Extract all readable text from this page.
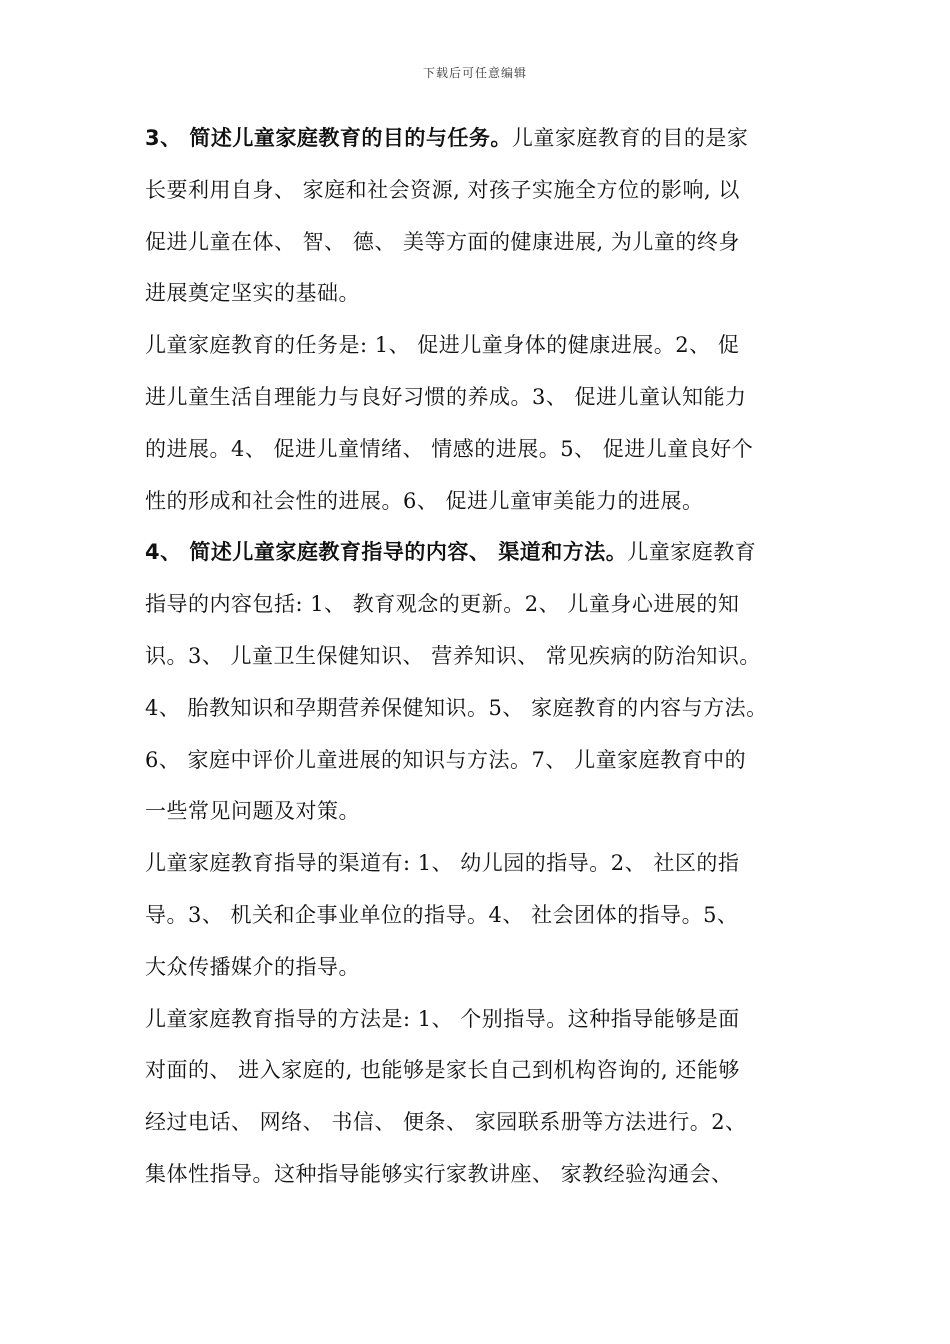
下载后可任意编辑
3、 简述儿童家庭教育的目的与任务。儿童家庭教育的目的是家
长要利用自身、 家庭和社会资源, 对孩子实施全方位的影响, 以
促进儿童在体、 智、 德、 美等方面的健康进展, 为儿童的终身
进展奠定坚实的基础。
儿童家庭教育的任务是: 1、 促进儿童身体的健康进展。2、 促
进儿童生活自理能力与良好习惯的养成。3、 促进儿童认知能力
的进展。4、 促进儿童情绪、 情感的进展。5、 促进儿童良好个
性的形成和社会性的进展。6、 促进儿童审美能力的进展。
4、 简述儿童家庭教育指导的内容、 渠道和方法。儿童家庭教育
指导的内容包括: 1、 教育观念的更新。2、 儿童身心进展的知
识。3、 儿童卫生保健知识、 营养知识、 常见疾病的防治知识。
4、 胎教知识和孕期营养保健知识。5、 家庭教育的内容与方法。
6、 家庭中评价儿童进展的知识与方法。7、 儿童家庭教育中的
一些常见问题及对策。
儿童家庭教育指导的渠道有: 1、 幼儿园的指导。2、 社区的指
导。3、 机关和企事业单位的指导。4、 社会团体的指导。5、
大众传播媒介的指导。
儿童家庭教育指导的方法是: 1、 个别指导。这种指导能够是面
对面的、 进入家庭的, 也能够是家长自己到机构咨询的, 还能够
经过电话、 网络、 书信、 便条、 家园联系册等方法进行。2、
集体性指导。这种指导能够实行家教讲座、 家教经验沟通会、
